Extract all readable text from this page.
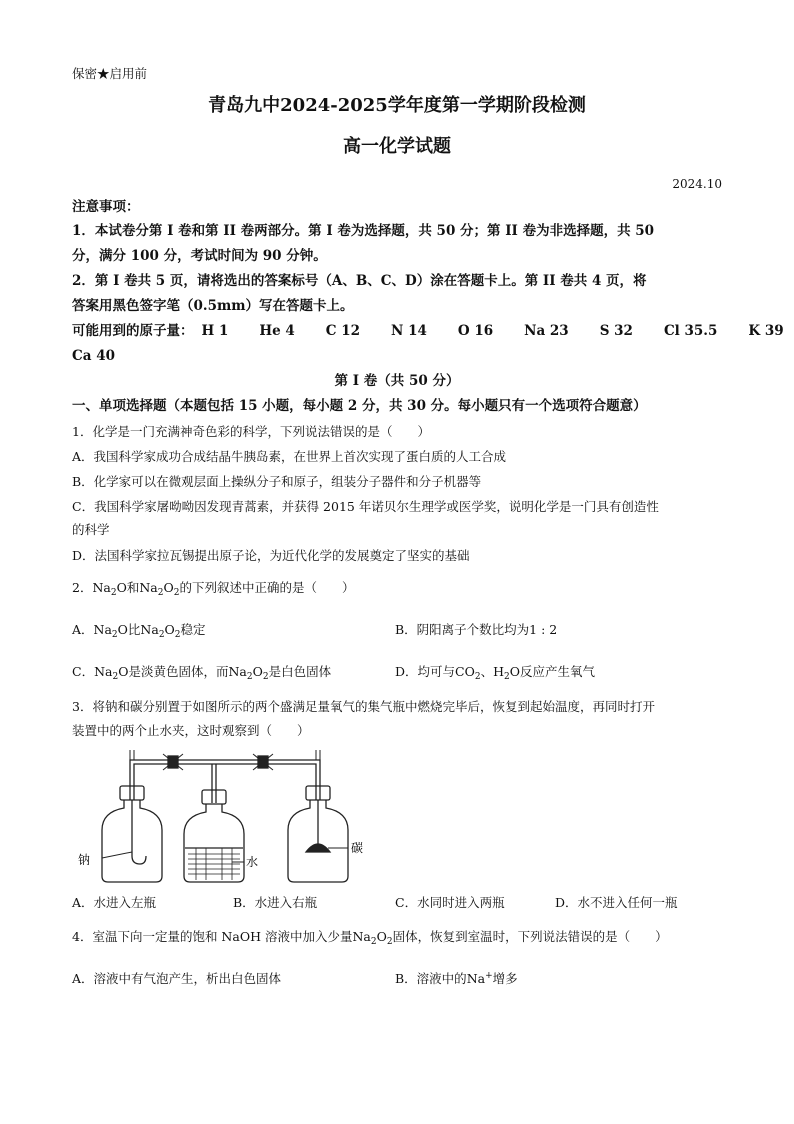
保密★启用前
青岛九中2024-2025学年度第一学期阶段检测
高一化学试题
2024.10
注意事项：
1．本试卷分第 I 卷和第 II 卷两部分。第 I 卷为选择题，共 50 分；第 II 卷为非选择题，共 50
分，满分 100 分，考试时间为 90 分钟。
2．第 I 卷共 5 页，请将选出的答案标号（A、B、C、D）涂在答题卡上。第 II 卷共 4 页，将
答案用黑色签字笔（0.5mm）写在答题卡上。
可能用到的原子量： H 1 He 4 C 12 N 14 O 16 Na 23 S 32 Cl 35.5 K 39
Ca 40
第 I 卷（共 50 分）
一、单项选择题（本题包括 15 小题，每小题 2 分，共 30 分。每小题只有一个选项符合题意）
1．化学是一门充满神奇色彩的科学，下列说法错误的是（　　）
A．我国科学家成功合成结晶牛胰岛素，在世界上首次实现了蛋白质的人工合成
B．化学家可以在微观层面上操纵分子和原子，组装分子器件和分子机器等
C．我国科学家屠呦呦因发现青蒿素，并获得 2015 年诺贝尔生理学或医学奖，说明化学是一门具有创造性
的科学
D．法国科学家拉瓦锡提出原子论，为近代化学的发展奠定了坚实的基础
2．$Na_2O$和$Na_2O_2$的下列叙述中正确的是（　　）
A．$Na_2O$比$Na_2O_2$稳定	B．阴阳离子个数比均为1 : 2
C．$Na_2O$是淡黄色固体，而$Na_2O_2$是白色固体	D．均可与$CO_2$、$H_2O$反应产生氧气
3．将钠和碳分别置于如图所示的两个盛满足量氧气的集气瓶中燃烧完毕后，恢复到起始温度，再同时打开
装置中的两个止水夹，这时观察到（　　）
钠	水
碳
A．水进入左瓶	B．水进入右瓶	C．水同时进入两瓶	D．水不进入任何一瓶
4．室温下向一定量的饱和 NaOH 溶液中加入少量$Na_2O_2$固体，恢复到室温时，下列说法错误的是（　　）
A．溶液中有气泡产生，析出白色固体	B．溶液中的Na+增多
